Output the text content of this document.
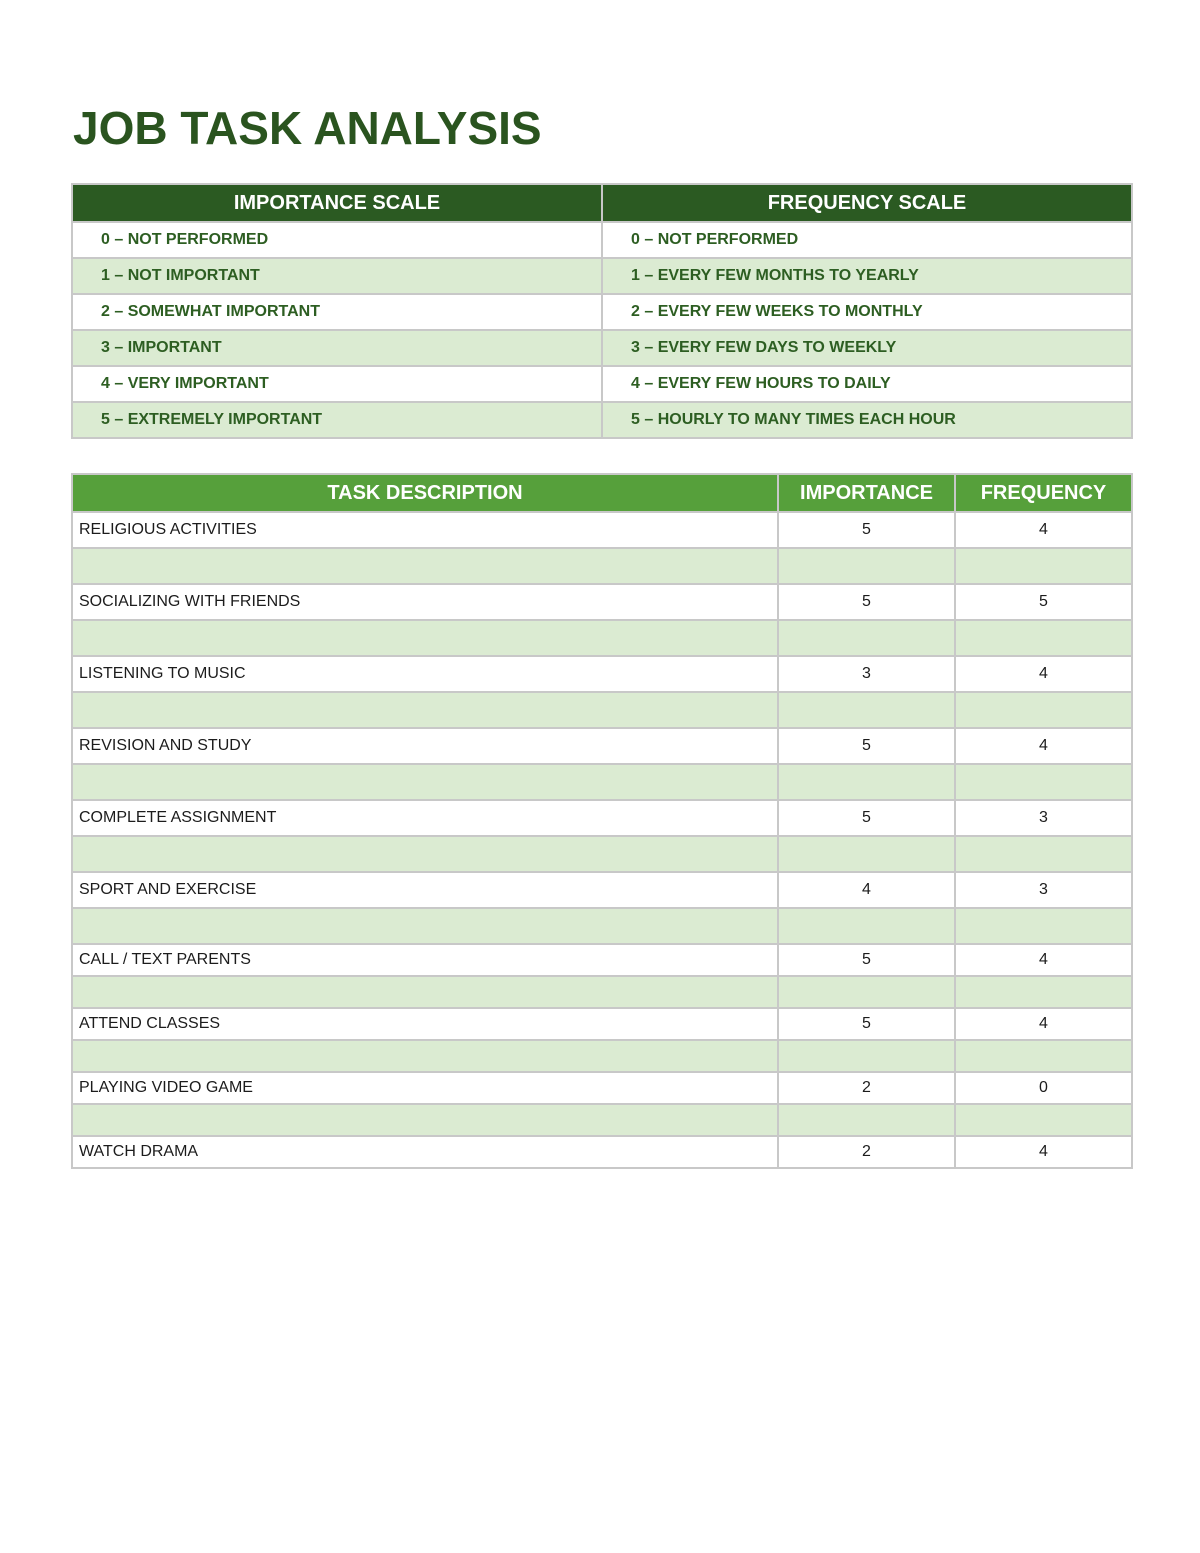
JOB TASK ANALYSIS
IMPORTANCE SCALE	FREQUENCY SCALE
0 – NOT PERFORMED	0 – NOT PERFORMED
1 – NOT IMPORTANT	1 – EVERY FEW MONTHS TO YEARLY
2 – SOMEWHAT IMPORTANT	2 – EVERY FEW WEEKS TO MONTHLY
3 – IMPORTANT	3 – EVERY FEW DAYS TO WEEKLY
4 – VERY IMPORTANT	4 – EVERY FEW HOURS TO DAILY
5 – EXTREMELY IMPORTANT	5 – HOURLY TO MANY TIMES EACH HOUR
TASK DESCRIPTION	IMPORTANCE	FREQUENCY
RELIGIOUS ACTIVITIES	5	4

SOCIALIZING WITH FRIENDS	5	5

LISTENING TO MUSIC	3	4

REVISION AND STUDY	5	4

COMPLETE ASSIGNMENT	5	3

SPORT AND EXERCISE	4	3

CALL / TEXT PARENTS	5	4

ATTEND CLASSES	5	4

PLAYING VIDEO GAME	2	0

WATCH DRAMA	2	4
